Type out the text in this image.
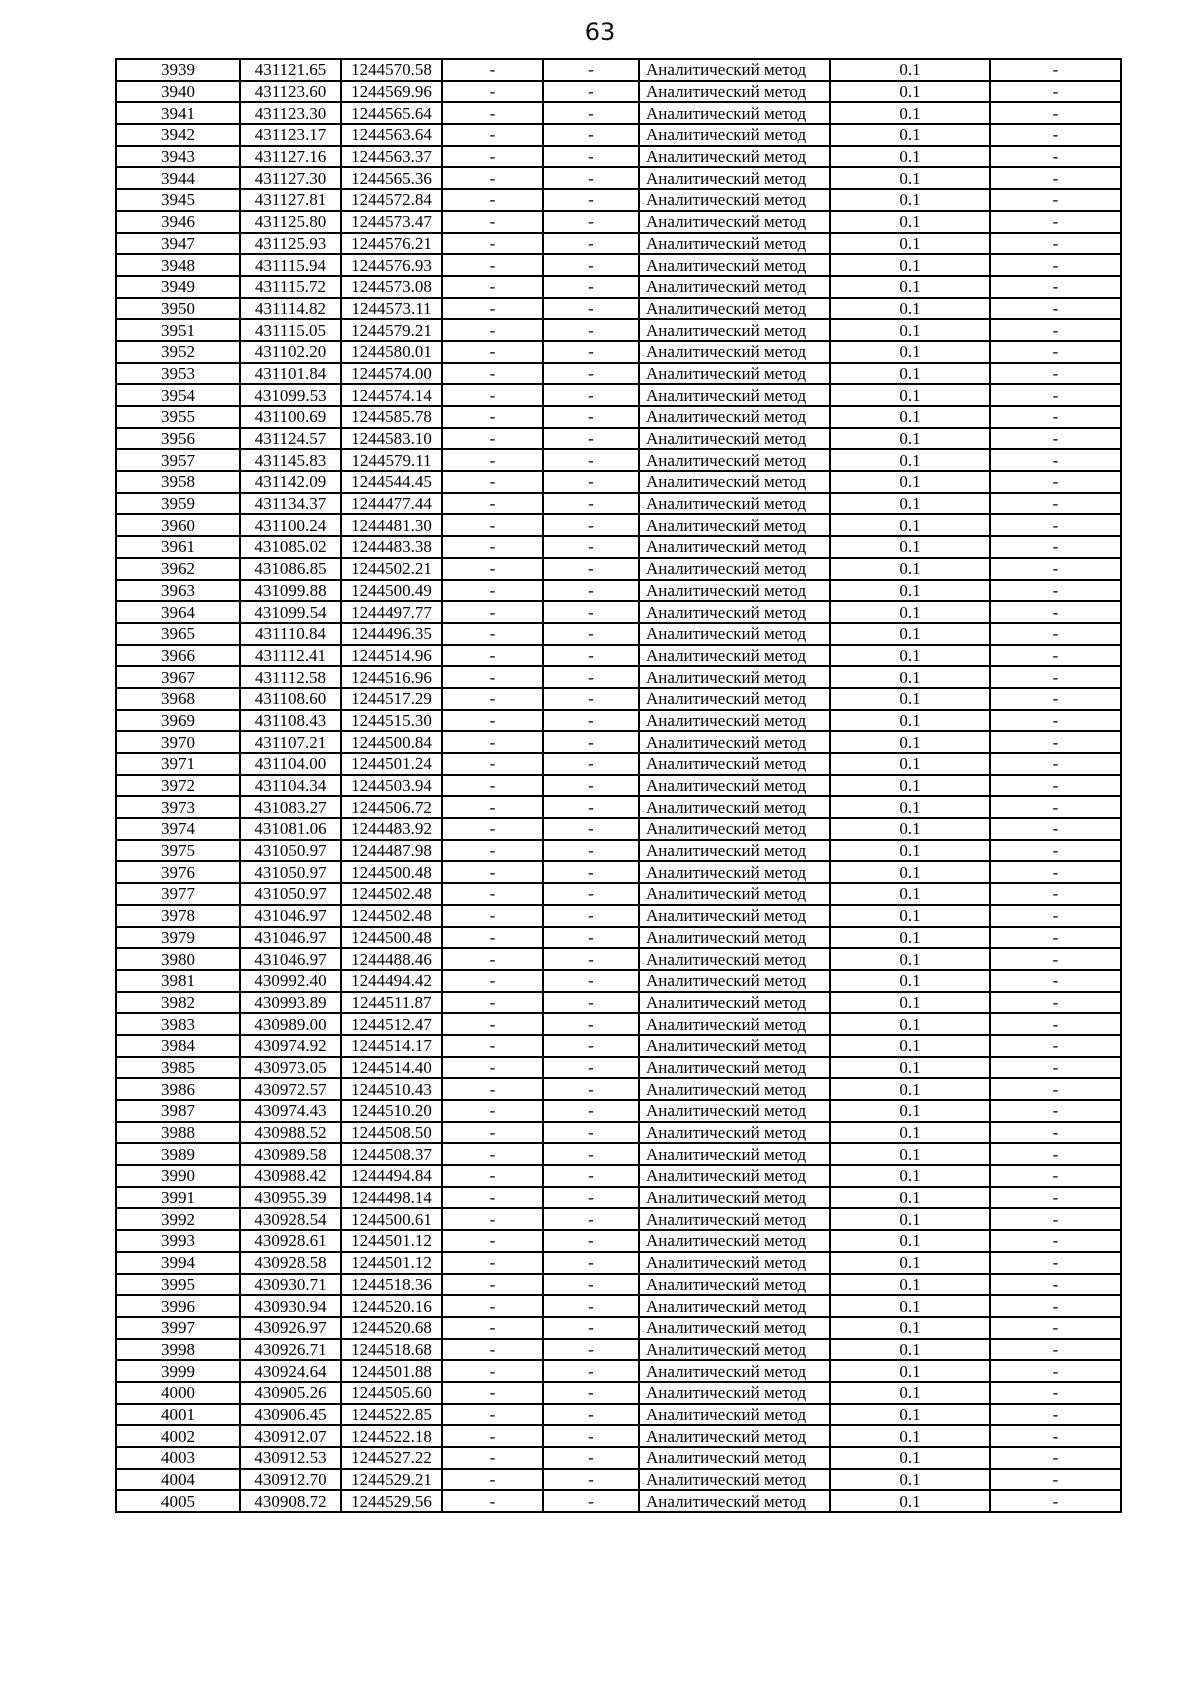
63
3939	431121.65	1244570.58	-	-	Аналитический метод	0.1	-
3940	431123.60	1244569.96	-	-	Аналитический метод	0.1	-
3941	431123.30	1244565.64	-	-	Аналитический метод	0.1	-
3942	431123.17	1244563.64	-	-	Аналитический метод	0.1	-
3943	431127.16	1244563.37	-	-	Аналитический метод	0.1	-
3944	431127.30	1244565.36	-	-	Аналитический метод	0.1	-
3945	431127.81	1244572.84	-	-	Аналитический метод	0.1	-
3946	431125.80	1244573.47	-	-	Аналитический метод	0.1	-
3947	431125.93	1244576.21	-	-	Аналитический метод	0.1	-
3948	431115.94	1244576.93	-	-	Аналитический метод	0.1	-
3949	431115.72	1244573.08	-	-	Аналитический метод	0.1	-
3950	431114.82	1244573.11	-	-	Аналитический метод	0.1	-
3951	431115.05	1244579.21	-	-	Аналитический метод	0.1	-
3952	431102.20	1244580.01	-	-	Аналитический метод	0.1	-
3953	431101.84	1244574.00	-	-	Аналитический метод	0.1	-
3954	431099.53	1244574.14	-	-	Аналитический метод	0.1	-
3955	431100.69	1244585.78	-	-	Аналитический метод	0.1	-
3956	431124.57	1244583.10	-	-	Аналитический метод	0.1	-
3957	431145.83	1244579.11	-	-	Аналитический метод	0.1	-
3958	431142.09	1244544.45	-	-	Аналитический метод	0.1	-
3959	431134.37	1244477.44	-	-	Аналитический метод	0.1	-
3960	431100.24	1244481.30	-	-	Аналитический метод	0.1	-
3961	431085.02	1244483.38	-	-	Аналитический метод	0.1	-
3962	431086.85	1244502.21	-	-	Аналитический метод	0.1	-
3963	431099.88	1244500.49	-	-	Аналитический метод	0.1	-
3964	431099.54	1244497.77	-	-	Аналитический метод	0.1	-
3965	431110.84	1244496.35	-	-	Аналитический метод	0.1	-
3966	431112.41	1244514.96	-	-	Аналитический метод	0.1	-
3967	431112.58	1244516.96	-	-	Аналитический метод	0.1	-
3968	431108.60	1244517.29	-	-	Аналитический метод	0.1	-
3969	431108.43	1244515.30	-	-	Аналитический метод	0.1	-
3970	431107.21	1244500.84	-	-	Аналитический метод	0.1	-
3971	431104.00	1244501.24	-	-	Аналитический метод	0.1	-
3972	431104.34	1244503.94	-	-	Аналитический метод	0.1	-
3973	431083.27	1244506.72	-	-	Аналитический метод	0.1	-
3974	431081.06	1244483.92	-	-	Аналитический метод	0.1	-
3975	431050.97	1244487.98	-	-	Аналитический метод	0.1	-
3976	431050.97	1244500.48	-	-	Аналитический метод	0.1	-
3977	431050.97	1244502.48	-	-	Аналитический метод	0.1	-
3978	431046.97	1244502.48	-	-	Аналитический метод	0.1	-
3979	431046.97	1244500.48	-	-	Аналитический метод	0.1	-
3980	431046.97	1244488.46	-	-	Аналитический метод	0.1	-
3981	430992.40	1244494.42	-	-	Аналитический метод	0.1	-
3982	430993.89	1244511.87	-	-	Аналитический метод	0.1	-
3983	430989.00	1244512.47	-	-	Аналитический метод	0.1	-
3984	430974.92	1244514.17	-	-	Аналитический метод	0.1	-
3985	430973.05	1244514.40	-	-	Аналитический метод	0.1	-
3986	430972.57	1244510.43	-	-	Аналитический метод	0.1	-
3987	430974.43	1244510.20	-	-	Аналитический метод	0.1	-
3988	430988.52	1244508.50	-	-	Аналитический метод	0.1	-
3989	430989.58	1244508.37	-	-	Аналитический метод	0.1	-
3990	430988.42	1244494.84	-	-	Аналитический метод	0.1	-
3991	430955.39	1244498.14	-	-	Аналитический метод	0.1	-
3992	430928.54	1244500.61	-	-	Аналитический метод	0.1	-
3993	430928.61	1244501.12	-	-	Аналитический метод	0.1	-
3994	430928.58	1244501.12	-	-	Аналитический метод	0.1	-
3995	430930.71	1244518.36	-	-	Аналитический метод	0.1	-
3996	430930.94	1244520.16	-	-	Аналитический метод	0.1	-
3997	430926.97	1244520.68	-	-	Аналитический метод	0.1	-
3998	430926.71	1244518.68	-	-	Аналитический метод	0.1	-
3999	430924.64	1244501.88	-	-	Аналитический метод	0.1	-
4000	430905.26	1244505.60	-	-	Аналитический метод	0.1	-
4001	430906.45	1244522.85	-	-	Аналитический метод	0.1	-
4002	430912.07	1244522.18	-	-	Аналитический метод	0.1	-
4003	430912.53	1244527.22	-	-	Аналитический метод	0.1	-
4004	430912.70	1244529.21	-	-	Аналитический метод	0.1	-
4005	430908.72	1244529.56	-	-	Аналитический метод	0.1	-
